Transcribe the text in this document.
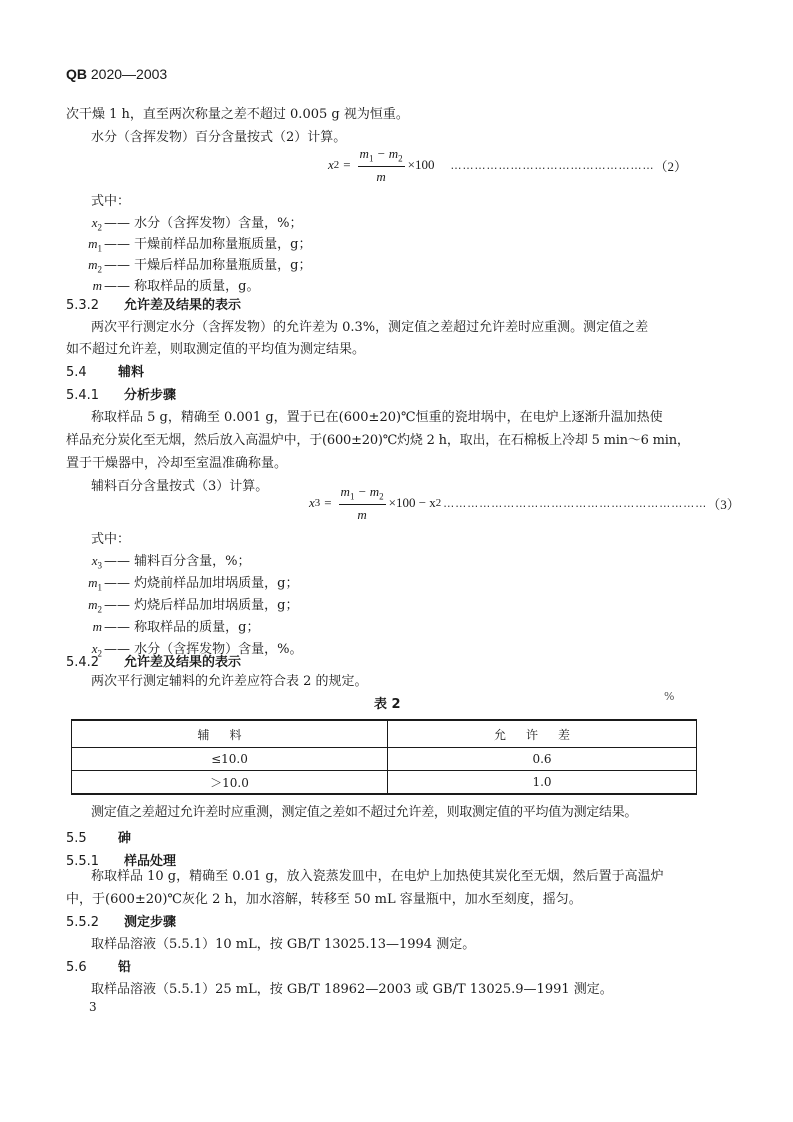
QB 2020—2003
次干燥 1 h，直至两次称量之差不超过 0.005 g 视为恒重。
水分（含挥发物）百分含量按式（2）计算。
x $2 = \frac{m_1 - m_2}{m} \times 100$ …………………………………………… （2）
式中：
$x_2$ —— 水分（含挥发物）含量，%；
$m_1$ —— 干燥前样品加称量瓶质量，g；
$m_2$ —— 干燥后样品加称量瓶质量，g；
m —— 称取样品的质量，g。
5.3.2 允许差及结果的表示
两次平行测定水分（含挥发物）的允许差为 0.3%，测定值之差超过允许差时应重测。测定值之差
如不超过允许差，则取测定值的平均值为测定结果。
5.4 辅料
5.4.1 分析步骤
称取样品 5 g，精确至 0.001 g，置于已在(600±20)℃恒重的瓷坩埚中，在电炉上逐渐升温加热使
样品充分炭化至无烟，然后放入高温炉中，于(600±20)℃灼烧 2 h，取出，在石棉板上冷却 5 min～6 min，
置于干燥器中，冷却至室温准确称量。
辅料百分含量按式（3）计算。
x $3 = \frac{m_1 - m_2}{m} \times 100 - x$ 2 ………………………………………………………… （3）
式中：
$x_3$ —— 辅料百分含量，%；
$m_1$ —— 灼烧前样品加坩埚质量，g；
$m_2$ —— 灼烧后样品加坩埚质量，g；
m —— 称取样品的质量，g；
$x_2$ —— 水分（含挥发物）含量，%。
5.4.2 允许差及结果的表示
两次平行测定辅料的允许差应符合表 2 的规定。
表 2
%
辅料	允许差
≤10.0	0.6
＞10.0	1.0
测定值之差超过允许差时应重测，测定值之差如不超过允许差，则取测定值的平均值为测定结果。
5.5 砷
5.5.1 样品处理
称取样品 10 g，精确至 0.01 g，放入瓷蒸发皿中，在电炉上加热使其炭化至无烟，然后置于高温炉
中，于(600±20)℃灰化 2 h，加水溶解，转移至 50 mL 容量瓶中，加水至刻度，摇匀。
5.5.2 测定步骤
取样品溶液（5.5.1）10 mL，按 GB/T 13025.13—1994 测定。
5.6 铅
取样品溶液（5.5.1）25 mL，按 GB/T 18962—2003 或 GB/T 13025.9—1991 测定。
3
